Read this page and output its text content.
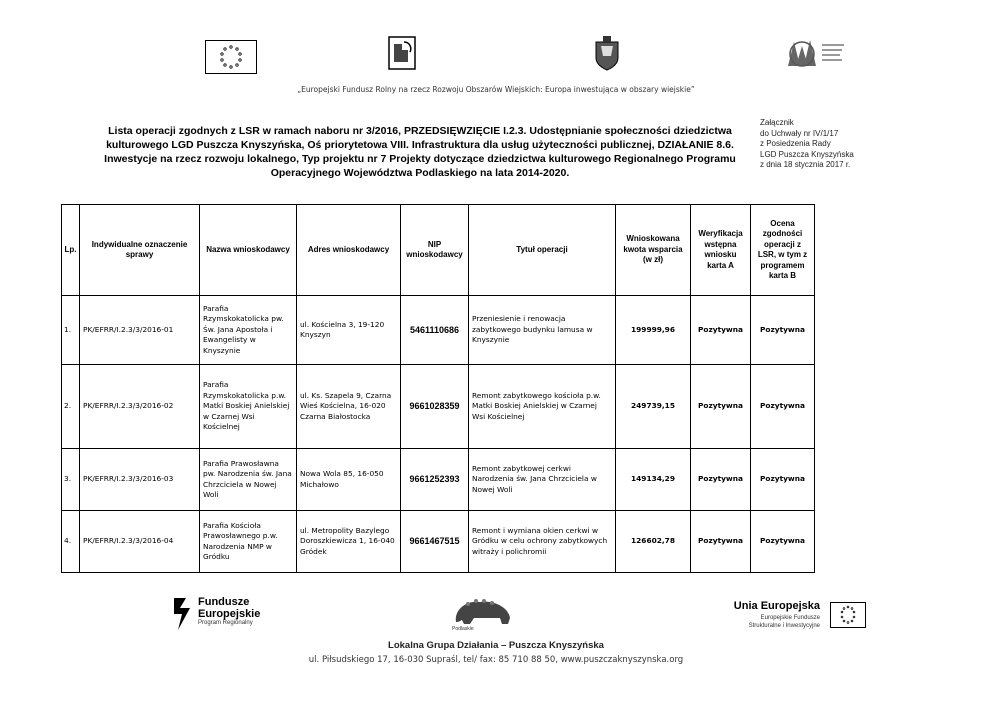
„Europejski Fundusz Rolny na rzecz Rozwoju Obszarów Wiejskich: Europa inwestująca w obszary wiejskie”
Lista operacji zgodnych z LSR w ramach naboru nr 3/2016, PRZEDSIĘWZIĘCIE I.2.3. Udostępnianie społeczności dziedzictwa kulturowego LGD Puszcza Knyszyńska, Oś priorytetowa VIII. Infrastruktura dla usług użyteczności publicznej, DZIAŁANIE 8.6. Inwestycje na rzecz rozwoju lokalnego, Typ projektu nr 7 Projekty dotyczące dziedzictwa kulturowego Regionalnego Programu Operacyjnego Województwa Podlaskiego na lata 2014-2020.
Załącznik
do Uchwały nr IV/1/17
z Posiedzenia Rady
LGD Puszcza Knyszyńska
z dnia 18 stycznia 2017 r.
Lp.	Indywidualne oznaczenie sprawy	Nazwa wnioskodawcy	Adres wnioskodawcy	NIP wnioskodawcy	Tytuł operacji	Wnioskowana kwota wsparcia (w zł)	Weryfikacja wstępna wniosku karta A	Ocena zgodności operacji z LSR, w tym z programem karta B
1.	PK/EFRR/I.2.3/3/2016-01	Parafia Rzymskokatolicka pw. Św. Jana Apostoła i Ewangelisty w Knyszynie	ul. Kościelna 3, 19-120 Knyszyn	5461110686	Przeniesienie i renowacja zabytkowego budynku lamusa w Knyszynie	199999,96	Pozytywna	Pozytywna
2.	PK/EFRR/I.2.3/3/2016-02	Parafia Rzymskokatolicka p.w. Matki Boskiej Anielskiej w Czarnej Wsi Kościelnej	ul. Ks. Szapela 9, Czarna Wieś Kościelna, 16-020 Czarna Białostocka	9661028359	Remont zabytkowego kościoła p.w. Matki Boskiej Anielskiej w Czarnej Wsi Kościelnej	249739,15	Pozytywna	Pozytywna
3.	PK/EFRR/I.2.3/3/2016-03	Parafia Prawosławna pw. Narodzenia św. Jana Chrzciciela w Nowej Woli	Nowa Wola 85, 16-050 Michałowo	9661252393	Remont zabytkowej cerkwi Narodzenia św. Jana Chrzciciela w Nowej Woli	149134,29	Pozytywna	Pozytywna
4.	PK/EFRR/I.2.3/3/2016-04	Parafia Kościoła Prawosławnego p.w. Narodzenia NMP w Gródku	ul. Metropolity Bazylego Doroszkiewicza 1, 16-040 Gródek	9661467515	Remont i wymiana okien cerkwi w Gródku w celu ochrony zabytkowych witraży i polichromii	126602,78	Pozytywna	Pozytywna
Fundusze
Europejskie
Program Regionalny
Podlaskie
Unia Europejska
Europejskie Fundusze
Strukturalne i Inwestycyjne
Lokalna Grupa Działania – Puszcza Knyszyńska
ul. Piłsudskiego 17, 16-030 Supraśl, tel/ fax: 85 710 88 50, www.puszczaknyszynska.org
